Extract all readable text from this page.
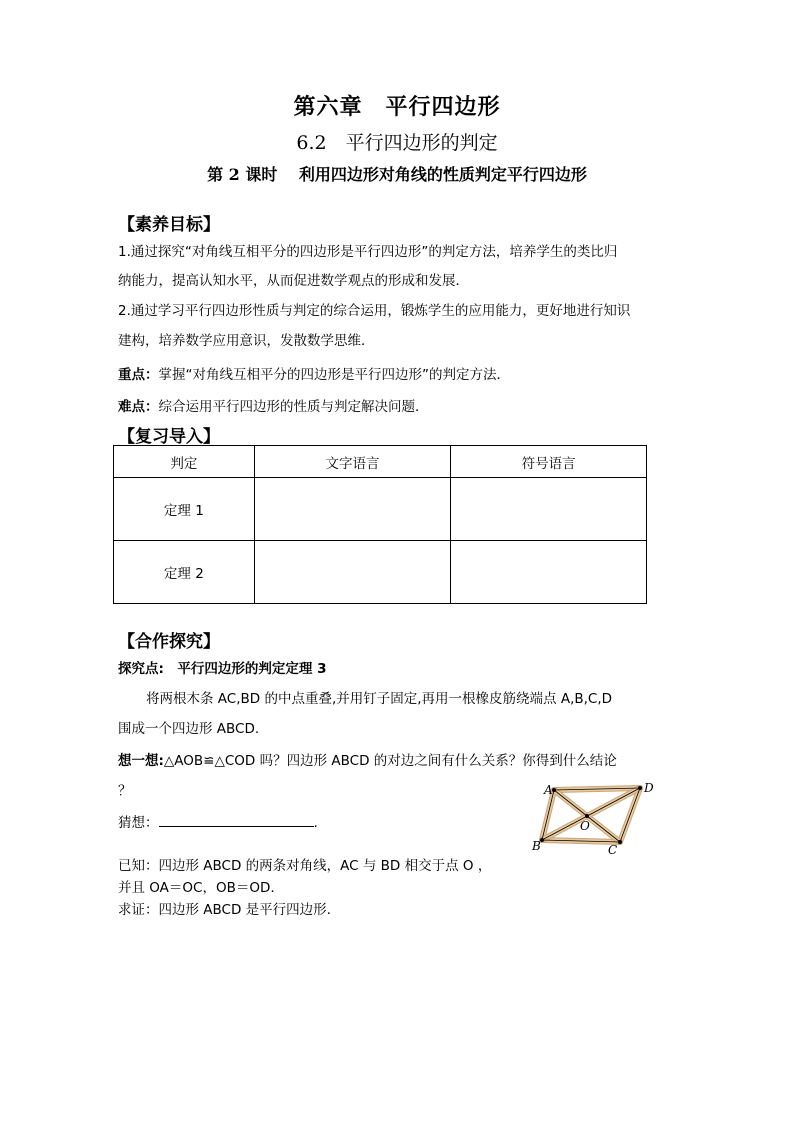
第六章　平行四边形
6.2　平行四边形的判定
第 2 课时　 利用四边形对角线的性质判定平行四边形
【素养目标】
1.通过探究“对角线互相平分的四边形是平行四边形”的判定方法，培养学生的类比归
纳能力，提高认知水平，从而促进数学观点的形成和发展．
2.通过学习平行四边形性质与判定的综合运用，锻炼学生的应用能力，更好地进行知识
建构，培养数学应用意识，发散数学思维．
重点：掌握“对角线互相平分的四边形是平行四边形”的判定方法．
难点：综合运用平行四边形的性质与判定解决问题．
【复习导入】
判定	文字语言	符号语言
定理 1		
定理 2		
【合作探究】
探究点:　平行四边形的判定定理 3
将两根木条 AC,BD 的中点重叠,并用钉子固定,再用一根橡皮筋绕端点 A,B,C,D
围成一个四边形 ABCD.
想一想:△AOB≌△COD 吗？四边形 ABCD 的对边之间有什么关系？你得到什么结论
？
猜想：	.
已知：四边形 ABCD 的两条对角线，AC 与 BD 相交于点 O ，
并且 OA＝OC，OB＝OD.
求证：四边形 ABCD 是平行四边形.
A	D
B	C
O
